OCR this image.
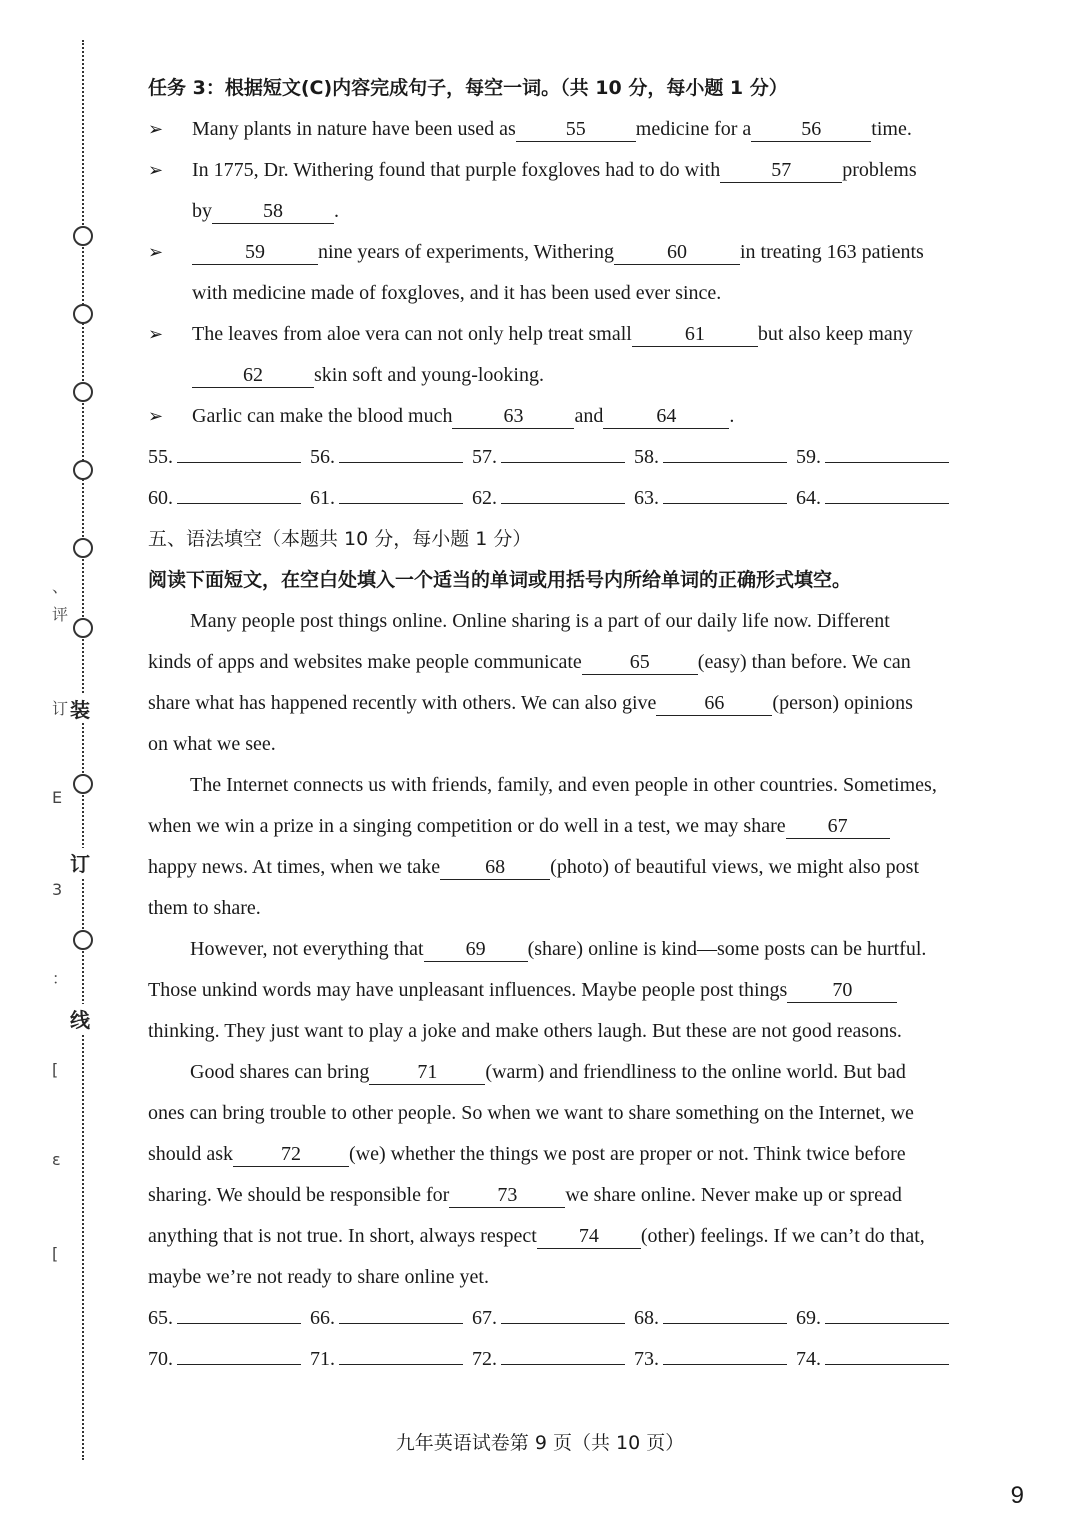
装
订
线
、
评
订
E
3
：
[
ɛ
[
任务 3：根据短文(C)内容完成句子，每空一词。（共 10 分，每小题 1 分）
➢ Many plants in nature have been used as	55	medicine for a	56	time.
➢ In 1775, Dr. Withering found that purple foxgloves had to do with	57	problems
by	58	.
➢	59	nine years of experiments, Withering	60	in treating 163 patients
with medicine made of foxgloves, and it has been used ever since.
➢ The leaves from aloe vera can not only help treat small	61	but also keep many
62	skin soft and young-looking.
➢ Garlic can make the blood much	63	and	64	.
55.	56.	57.	58.	59.
60.	61.	62.	63.	64.
五、语法填空（本题共 10 分，每小题 1 分）
阅读下面短文，在空白处填入一个适当的单词或用括号内所给单词的正确形式填空。
Many people post things online. Online sharing is a part of our daily life now. Different
kinds of apps and websites make people communicate 65 (easy) than before. We can
share what has happened recently with others. We can also give 66 (person) opinions
on what we see.
The Internet connects us with friends, family, and even people in other countries. Sometimes,
when we win a prize in a singing competition or do well in a test, we may share 67
happy news. At times, when we take 68 (photo) of beautiful views, we might also post
them to share.
However, not everything that 69 (share) online is kind—some posts can be hurtful.
Those unkind words may have unpleasant influences. Maybe people post things 70
thinking. They just want to play a joke and make others laugh. But these are not good reasons.
Good shares can bring 71 (warm) and friendliness to the online world. But bad
ones can bring trouble to other people. So when we want to share something on the Internet, we
should ask 72 (we) whether the things we post are proper or not. Think twice before
sharing. We should be responsible for 73 we share online. Never make up or spread
anything that is not true. In short, always respect 74 (other) feelings. If we can’t do that,
maybe we’re not ready to share online yet.
65.	66.	67.	68.	69.
70.	71.	72.	73.	74.
九年英语试卷第 9 页（共 10 页）
9
